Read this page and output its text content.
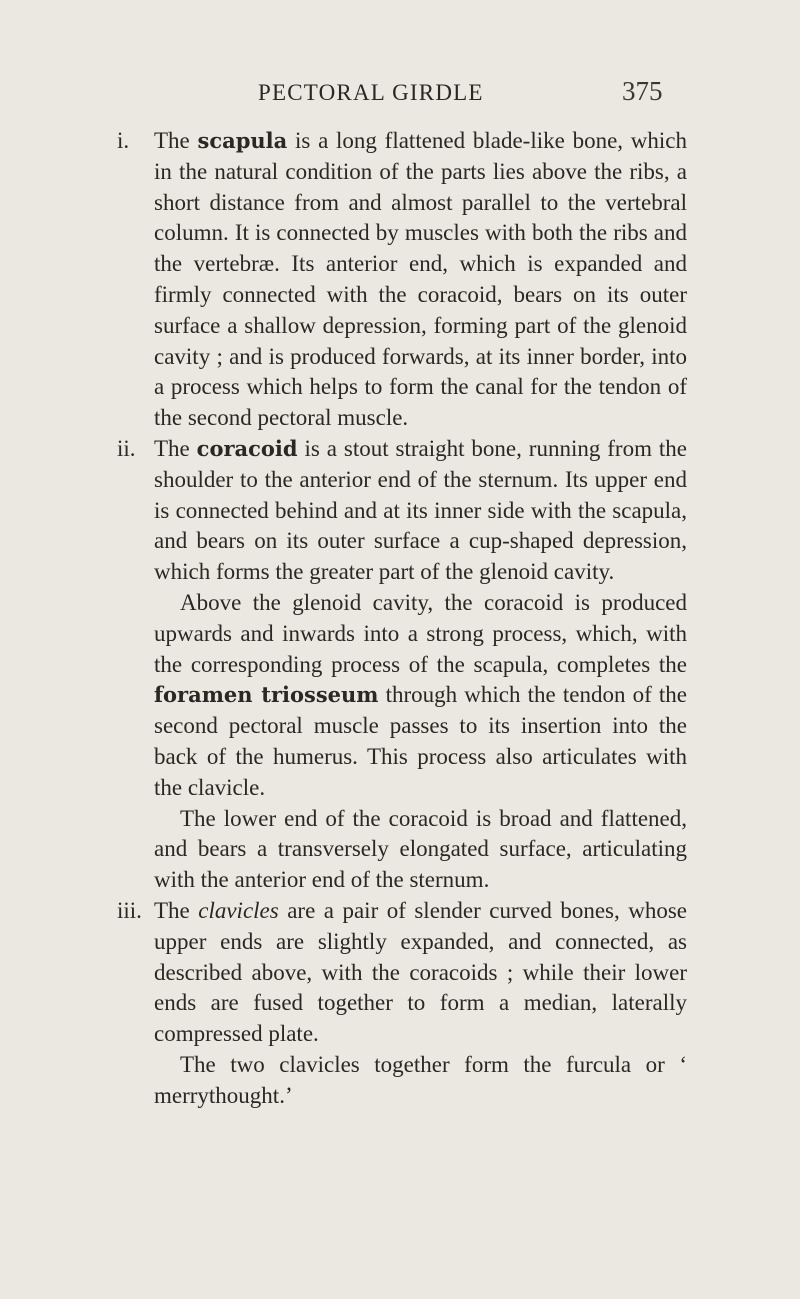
PECTORAL GIRDLE	375
i.	The scapula is a long flattened blade-like bone, which in the natural condition of the parts lies above the ribs, a short distance from and almost parallel to the vertebral column. It is connected by muscles with both the ribs and the vertebræ. Its anterior end, which is expanded and firmly connected with the coracoid, bears on its outer surface a shallow depression, forming part of the glenoid cavity ; and is produced forwards, at its inner border, into a process which helps to form the canal for the tendon of the second pectoral muscle.

ii. The coracoid is a stout straight bone, running from the shoulder to the anterior end of the sternum. Its upper end is connected behind and at its inner side with the scapula, and bears on its outer surface a cup-shaped depression, which forms the greater part of the glenoid cavity.

Above the glenoid cavity, the coracoid is produced upwards and inwards into a strong process, which, with the corresponding process of the scapula, completes the foramen triosseum through which the tendon of the second pectoral muscle passes to its insertion into the back of the humerus. This process also articulates with the clavicle.

The lower end of the coracoid is broad and flattened, and bears a transversely elongated surface, articulating with the anterior end of the sternum.

iii. The clavicles are a pair of slender curved bones, whose upper ends are slightly expanded, and connected, as described above, with the coracoids ; while their lower ends are fused together to form a median, laterally compressed plate.

The two clavicles together form the furcula or ‘ merrythought.’
